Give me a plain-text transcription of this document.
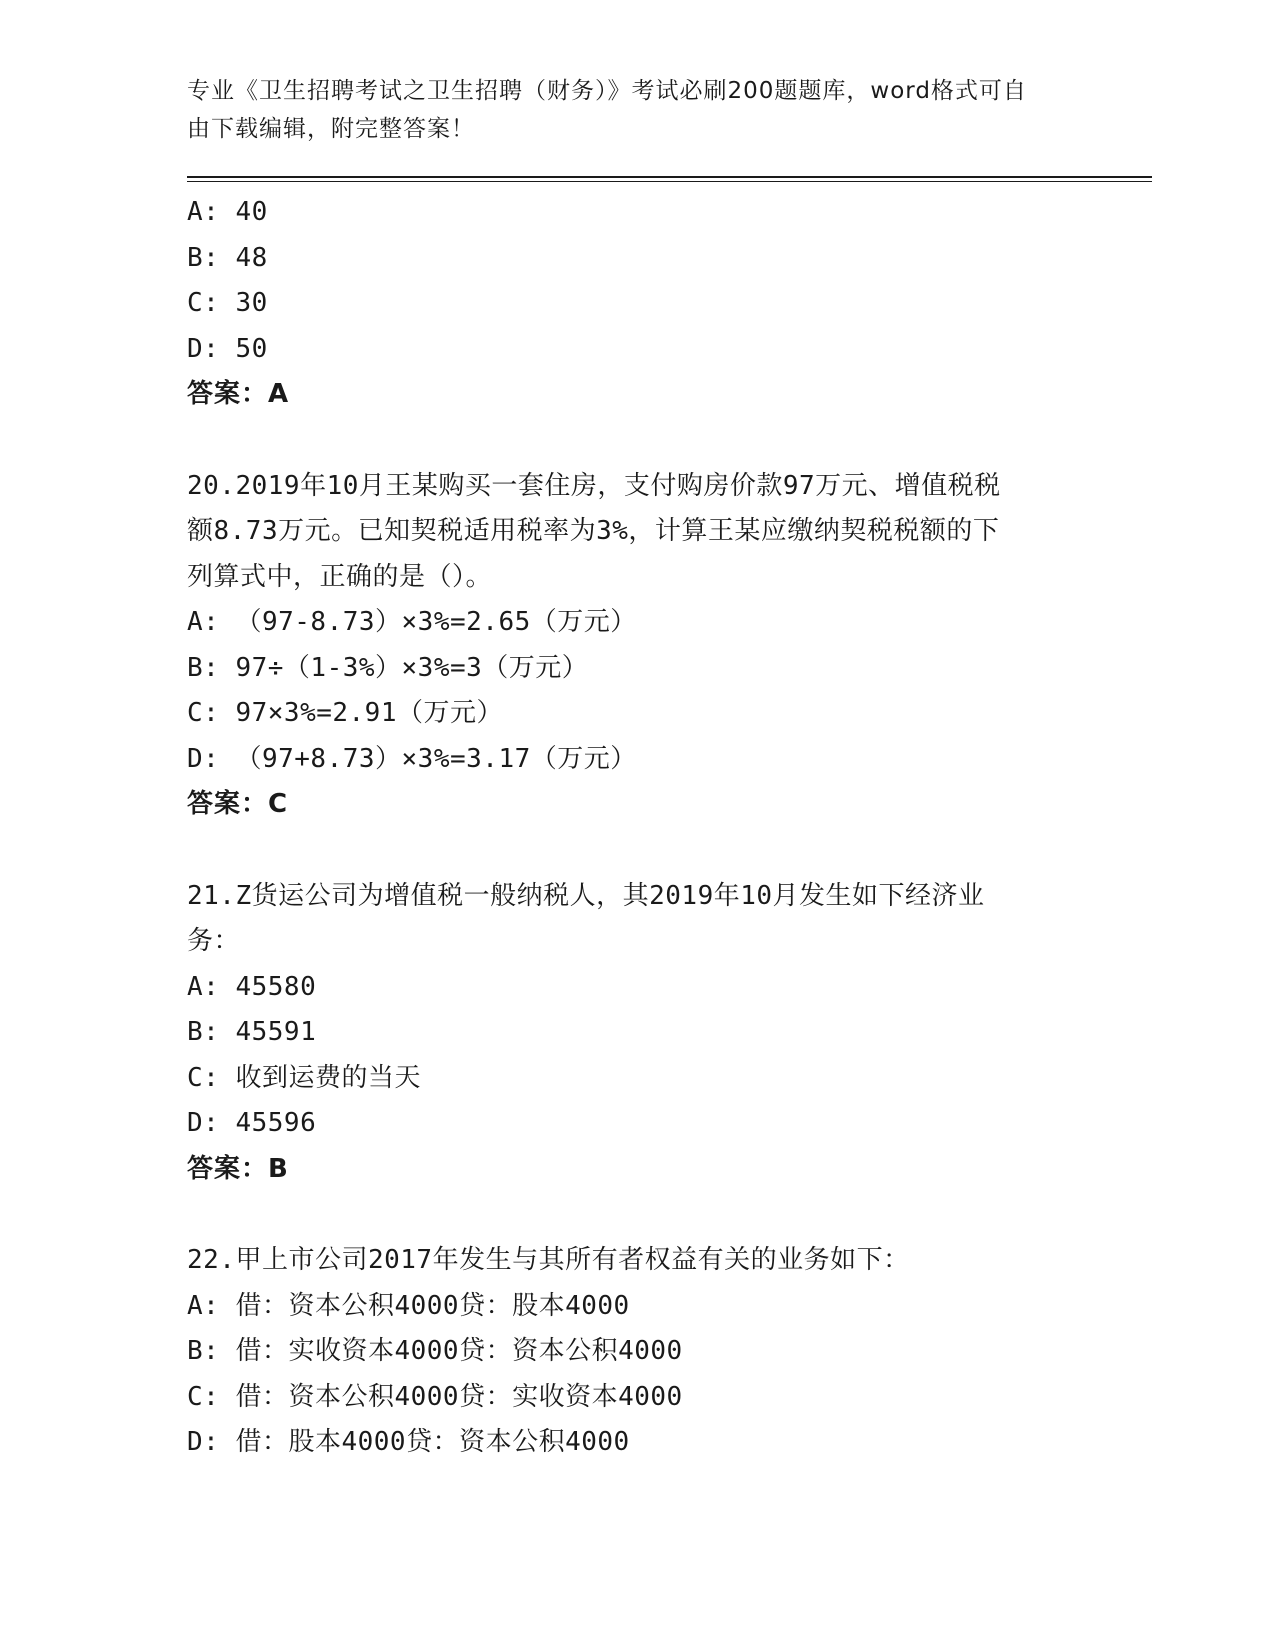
专业《卫生招聘考试之卫生招聘（财务）》考试必刷200题题库，word格式可自
由下载编辑，附完整答案！
A: 40
B: 48
C: 30
D: 50
答案：A
20.2019年10月王某购买一套住房，支付购房价款97万元、增值税税
额8.73万元。已知契税适用税率为3%，计算王某应缴纳契税税额的下
列算式中，正确的是（）。
A: （97-8.73）×3%=2.65（万元）
B: 97÷（1-3%）×3%=3（万元）
C: 97×3%=2.91（万元）
D: （97+8.73）×3%=3.17（万元）
答案：C
21.Z货运公司为增值税一般纳税人，其2019年10月发生如下经济业
务：
A: 45580
B: 45591
C: 收到运费的当天
D: 45596
答案：B
22.甲上市公司2017年发生与其所有者权益有关的业务如下：
A: 借：资本公积4000贷：股本4000
B: 借：实收资本4000贷：资本公积4000
C: 借：资本公积4000贷：实收资本4000
D: 借：股本4000贷：资本公积4000
